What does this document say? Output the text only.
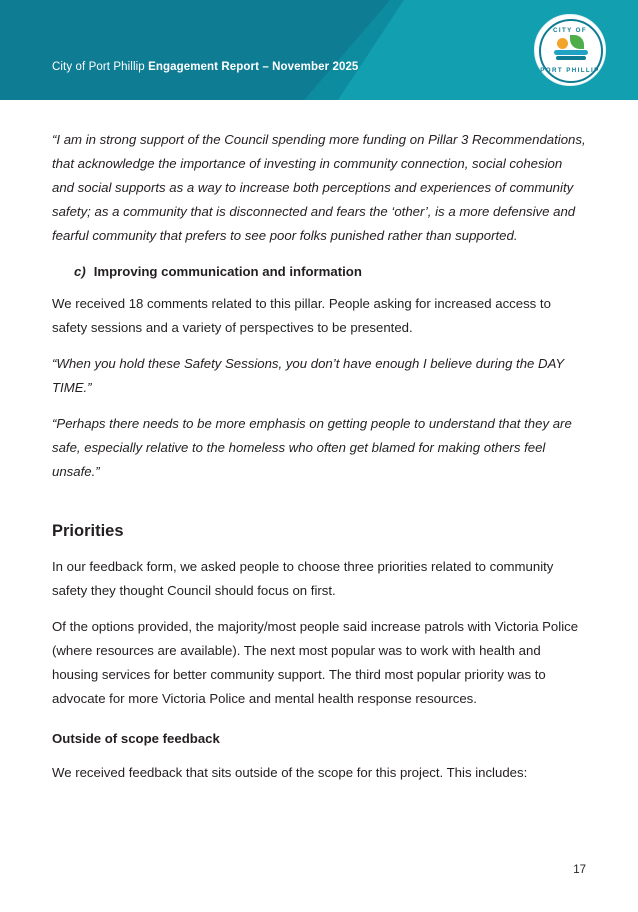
City of Port Phillip Engagement Report – November 2025
CITY OF
PORT PHILLIP

“I am in strong support of the Council spending more funding on Pillar 3 Recommendations, that acknowledge the importance of investing in community connection, social cohesion and social supports as a way to increase both perceptions and experiences of community safety; as a community that is disconnected and fears the ‘other’, is a more defensive and fearful community that prefers to see poor folks punished rather than supported.

c) Improving communication and information

We received 18 comments related to this pillar. People asking for increased access to safety sessions and a variety of perspectives to be presented.

“When you hold these Safety Sessions, you don’t have enough I believe during the DAY TIME.”

“Perhaps there needs to be more emphasis on getting people to understand that they are safe, especially relative to the homeless who often get blamed for making others feel unsafe.”

Priorities

In our feedback form, we asked people to choose three priorities related to community safety they thought Council should focus on first.

Of the options provided, the majority/most people said increase patrols with Victoria Police (where resources are available). The next most popular was to work with health and housing services for better community support. The third most popular priority was to advocate for more Victoria Police and mental health response resources.

Outside of scope feedback

We received feedback that sits outside of the scope for this project. This includes:

17
